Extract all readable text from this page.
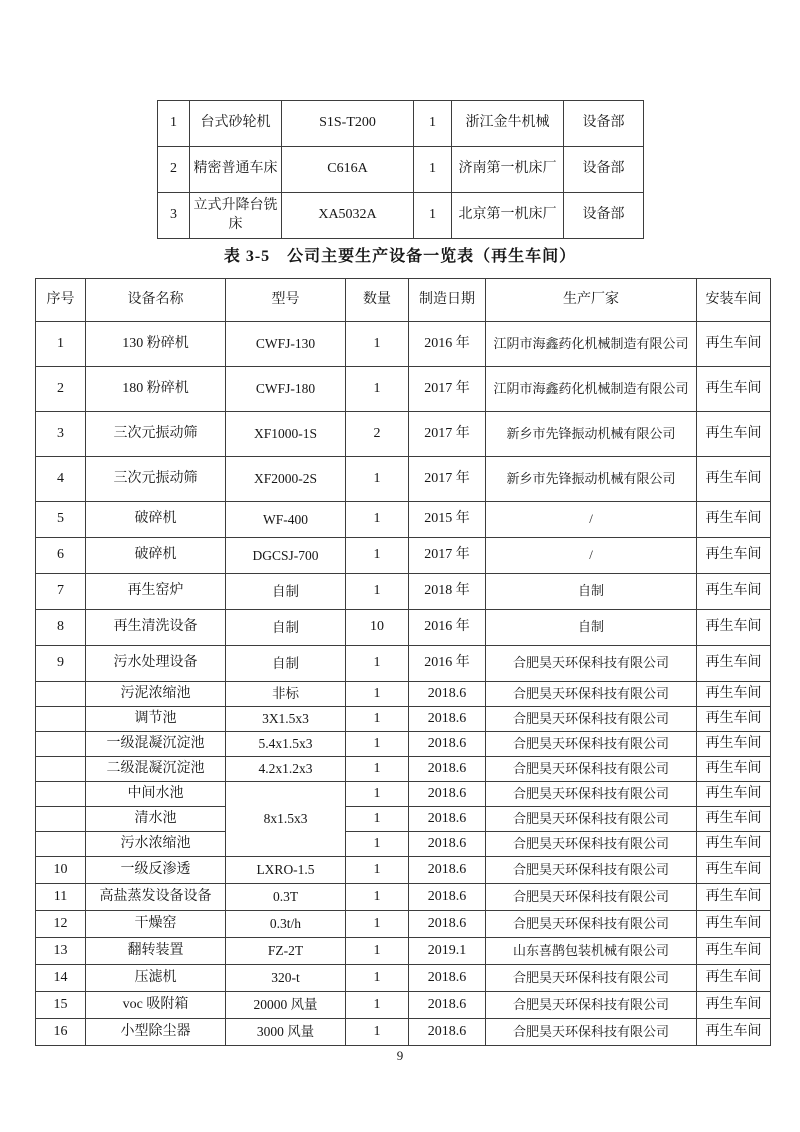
1	台式砂轮机	S1S-T200	1	浙江金牛机械	设备部
2	精密普通车床	C616A	1	济南第一机床厂	设备部
3	立式升降台铣床	XA5032A	1	北京第一机床厂	设备部
表 3-5　公司主要生产设备一览表（再生车间）
序号	设备名称	型号	数量	制造日期	生产厂家	安装车间
1	130 粉碎机	CWFJ-130	1	2016 年	江阴市海鑫药化机械制造有限公司	再生车间
2	180 粉碎机	CWFJ-180	1	2017 年	江阴市海鑫药化机械制造有限公司	再生车间
3	三次元振动筛	XF1000-1S	2	2017 年	新乡市先锋振动机械有限公司	再生车间
4	三次元振动筛	XF2000-2S	1	2017 年	新乡市先锋振动机械有限公司	再生车间
5	破碎机	WF-400	1	2015 年	/	再生车间
6	破碎机	DGCSJ-700	1	2017 年	/	再生车间
7	再生窑炉	自制	1	2018 年	自制	再生车间
8	再生清洗设备	自制	10	2016 年	自制	再生车间
9	污水处理设备	自制	1	2016 年	合肥昊天环保科技有限公司	再生车间
	污泥浓缩池	非标	1	2018.6	合肥昊天环保科技有限公司	再生车间
	调节池	3X1.5x3	1	2018.6	合肥昊天环保科技有限公司	再生车间
	一级混凝沉淀池	5.4x1.5x3	1	2018.6	合肥昊天环保科技有限公司	再生车间
	二级混凝沉淀池	4.2x1.2x3	1	2018.6	合肥昊天环保科技有限公司	再生车间
	中间水池	8x1.5x3	1	2018.6	合肥昊天环保科技有限公司	再生车间
	清水池		1	2018.6	合肥昊天环保科技有限公司	再生车间
	污水浓缩池		1	2018.6	合肥昊天环保科技有限公司	再生车间
10	一级反渗透	LXRO-1.5	1	2018.6	合肥昊天环保科技有限公司	再生车间
11	高盐蒸发设备设备	0.3T	1	2018.6	合肥昊天环保科技有限公司	再生车间
12	干燥窑	0.3t/h	1	2018.6	合肥昊天环保科技有限公司	再生车间
13	翻转装置	FZ-2T	1	2019.1	山东喜鹊包装机械有限公司	再生车间
14	压滤机	320-t	1	2018.6	合肥昊天环保科技有限公司	再生车间
15	voc 吸附箱	20000 风量	1	2018.6	合肥昊天环保科技有限公司	再生车间
16	小型除尘器	3000 风量	1	2018.6	合肥昊天环保科技有限公司	再生车间
9
